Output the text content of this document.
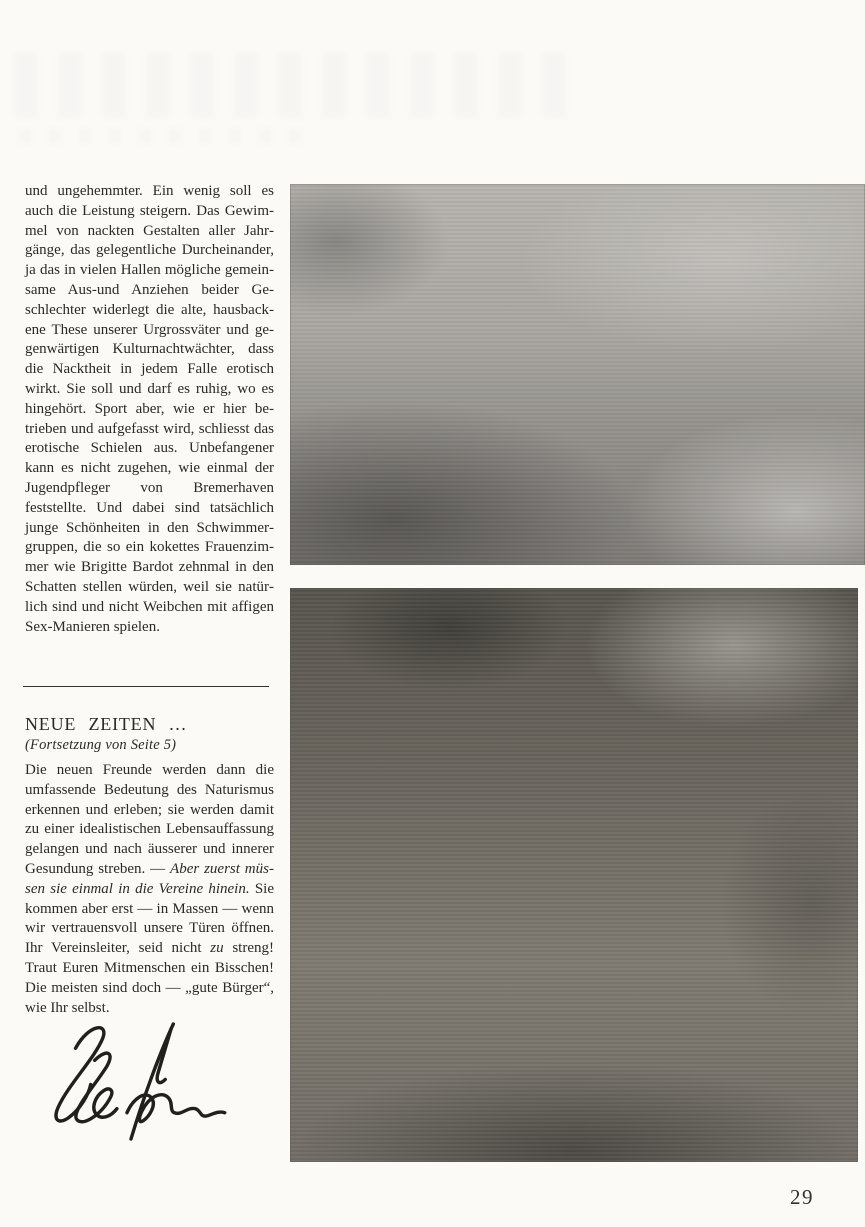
und ungehemmter. Ein wenig soll es auch die Leistung steigern. Das Gewimmel von nackten Gestalten aller Jahrgänge, das gelegentliche Durcheinander, ja das in vielen Hallen mögliche gemeinsame Aus-und Anziehen beider Geschlechter widerlegt die alte, hausbackene These unserer Urgrossväter und gegenwärtigen Kulturnachtwächter, dass die Nacktheit in jedem Falle erotisch wirkt. Sie soll und darf es ruhig, wo es hingehört. Sport aber, wie er hier betrieben und aufgefasst wird, schliesst das erotische Schielen aus. Unbefangener kann es nicht zugehen, wie einmal der Jugendpfleger von Bremerhaven feststellte. Und dabei sind tatsächlich junge Schönheiten in den Schwimmergruppen, die so ein kokettes Frauenzimmer wie Brigitte Bardot zehnmal in den Schatten stellen würden, weil sie natürlich sind und nicht Weibchen mit affigen Sex-Manieren spielen.

NEUE ZEITEN …

(Fortsetzung von Seite 5)

Die neuen Freunde werden dann die umfassende Bedeutung des Naturismus erkennen und erleben; sie werden damit zu einer idealistischen Lebensauffassung gelangen und nach äusserer und innerer Gesundung streben. — Aber zuerst müssen sie einmal in die Vereine hinein. Sie kommen aber erst — in Massen — wenn wir vertrauensvoll unsere Türen öffnen. Ihr Vereinsleiter, seid nicht zu streng! Traut Euren Mitmenschen ein Bisschen! Die meisten sind doch — „gute Bürger“, wie Ihr selbst.

29
